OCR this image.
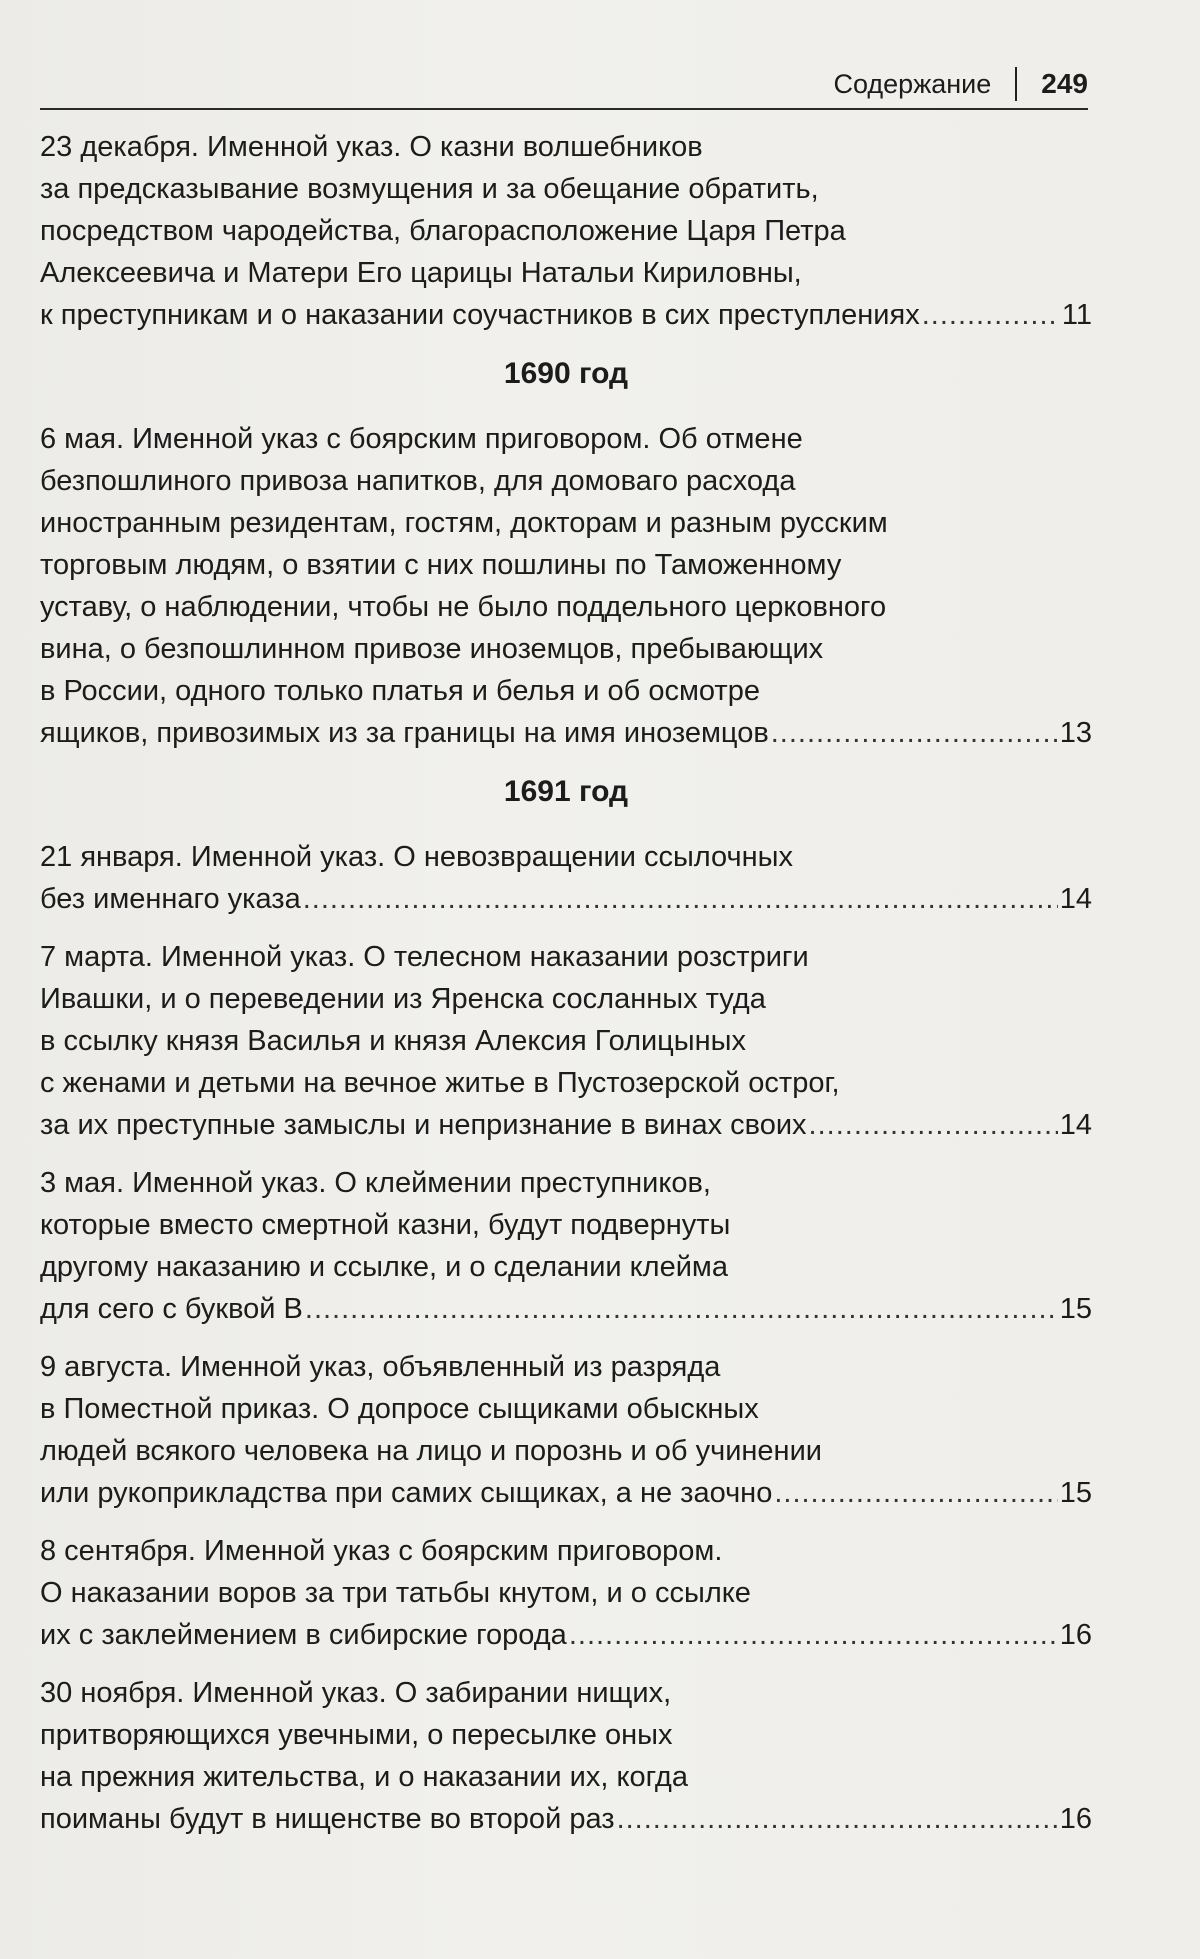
Содержание	249
23 декабря. Именной указ. О казни волшебников
за предсказывание возмущения и за обещание обратить,
посредством чародейства, благорасположение Царя Петра
Алексеевича и Матери Его царицы Натальи Кириловны,
к преступникам и о наказании соучастников в сих преступлениях .....	11
1690 год
6 мая. Именной указ с боярским приговором. Об отмене
безпошлиного привоза напитков, для домоваго расхода
иностранным резидентам, гостям, докторам и разным русским
торговым людям, о взятии с них пошлины по Таможенному
уставу, о наблюдении, чтобы не было поддельного церковного
вина, о безпошлинном привозе иноземцов, пребывающих
в России, одного только платья и белья и об осмотре
ящиков, привозимых из за границы на имя иноземцов .....	13
1691 год
21 января. Именной указ. О невозвращении ссылочных
без именнаго указа .....	14
7 марта. Именной указ. О телесном наказании розстриги
Ивашки, и о переведении из Яренска сосланных туда
в ссылку князя Василья и князя Алексия Голицыных
с женами и детьми на вечное житье в Пустозерской острог,
за их преступные замыслы и непризнание в винах своих .....	14
3 мая. Именной указ. О клеймении преступников,
которые вместо смертной казни, будут подвернуты
другому наказанию и ссылке, и о сделании клейма
для сего с буквой В .....	15
9 августа. Именной указ, объявленный из разряда
в Поместной приказ. О допросе сыщиками обыскных
людей всякого человека на лицо и порознь и об учинении
или рукоприкладства при самих сыщиках, а не заочно .....	15
8 сентября. Именной указ с боярским приговором.
О наказании воров за три татьбы кнутом, и о ссылке
их с заклеймением в сибирские города .....	16
30 ноября. Именной указ. О забирании нищих,
притворяющихся увечными, о пересылке оных
на прежния жительства, и о наказании их, когда
поиманы будут в нищенстве во второй раз .....	16
